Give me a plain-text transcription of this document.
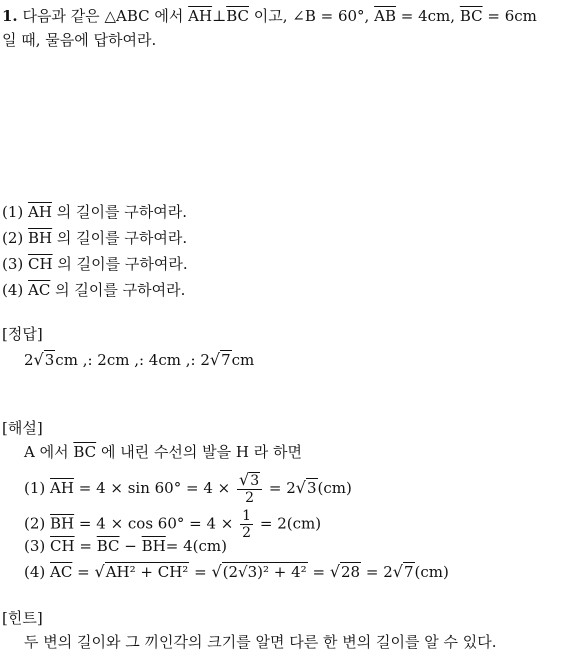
1. 다음과 같은 △ABC 에서 $\overline{AH}\perp\overline{BC}$ 이고, ∠B = 60°, $\overline{AB} = 4cm$, $\overline{BC} = 6cm$
일 때, 물음에 답하여라.
(1) $\overline{AH}$ 의 길이를 구하여라.
(2) $\overline{BH}$ 의 길이를 구하여라.
(3) $\overline{CH}$ 의 길이를 구하여라.
(4) $\overline{AC}$ 의 길이를 구하여라.
[정답]
2√3cm ,: 2cm ,: 4cm ,: 2√7cm
[해설]
A 에서 $\overline{BC}$ 에 내린 수선의 발을 H 라 하면
(1) $\overline{AH} = 4 \times \sin 60^\circ = 4 \times \frac{√3}{2} = 2√3(cm)$
(2) $\overline{BH} = 4 \times \cos 60^\circ = 4 \times \frac{1}{2} = 2(cm)$
(3) $\overline{CH} = \overline{BC} - \overline{BH}= 4(cm)$
(4) $\overline{AC} = √AH^2 + CH^2 = √(2√3)^2 + 4^2 = √28 = 2√7(cm)$
[힌트]
두 변의 길이와 그 끼인각의 크기를 알면 다른 한 변의 길이를 알 수 있다.
